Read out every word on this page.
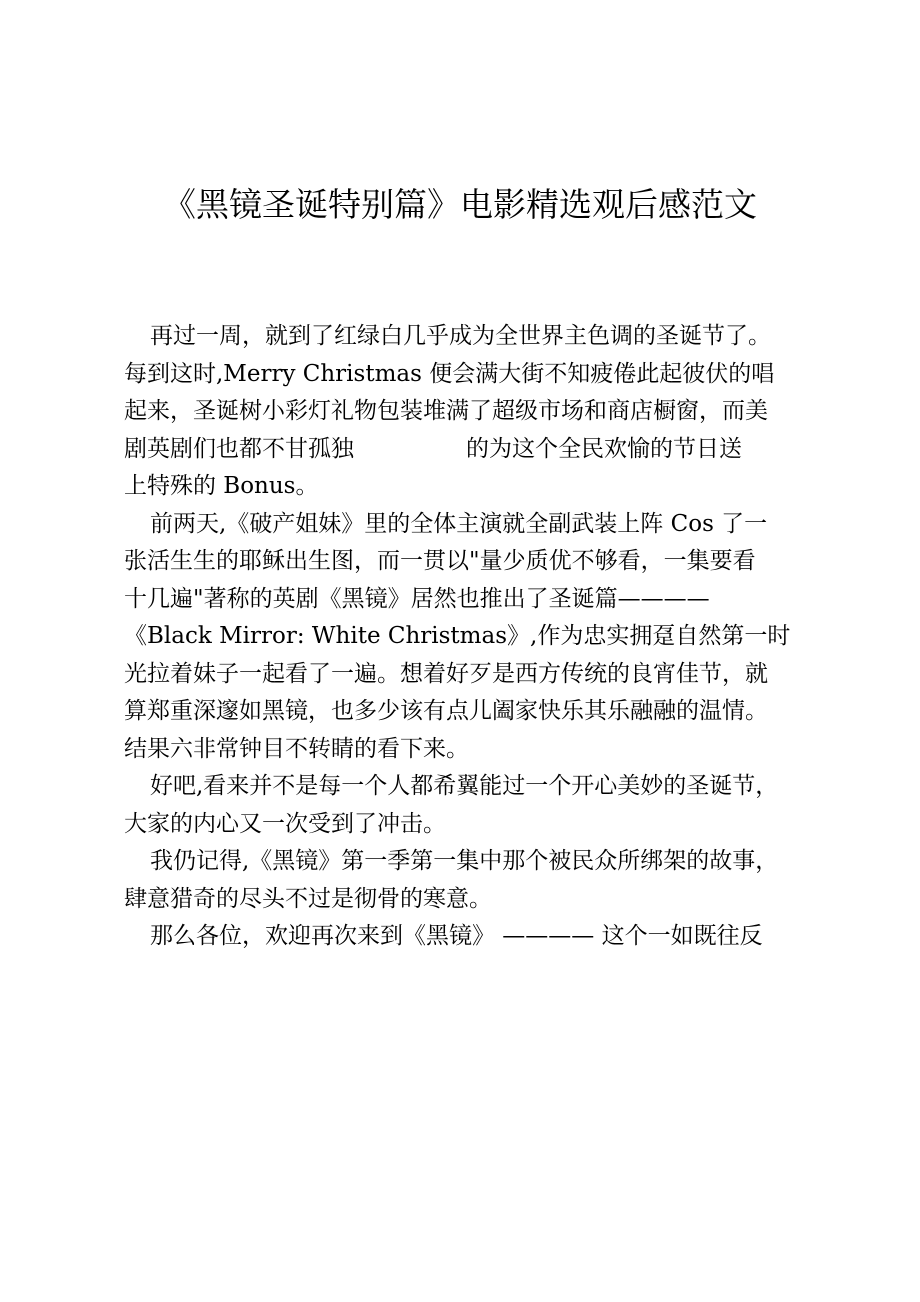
《黑镜圣诞特别篇》电影精选观后感范文
再过一周，就到了红绿白几乎成为全世界主色调的圣诞节了。
每到这时,Merry Christmas 便会满大街不知疲倦此起彼伏的唱
起来，圣诞树小彩灯礼物包装堆满了超级市场和商店橱窗，而美
剧英剧们也都不甘孤独	的为这个全民欢愉的节日送
上特殊的 Bonus。
前两天,《破产姐妹》里的全体主演就全副武装上阵 Cos 了一
张活生生的耶稣出生图，而一贯以"量少质优不够看，一集要看
十几遍"著称的英剧《黑镜》居然也推出了圣诞篇————
《Black Mirror: White Christmas》,作为忠实拥趸自然第一时
光拉着妹子一起看了一遍。想着好歹是西方传统的良宵佳节，就
算郑重深邃如黑镜，也多少该有点儿阖家快乐其乐融融的温情。
结果六非常钟目不转睛的看下来。
好吧,看来并不是每一个人都希翼能过一个开心美妙的圣诞节，
大家的内心又一次受到了冲击。
我仍记得,《黑镜》第一季第一集中那个被民众所绑架的故事，
肆意猎奇的尽头不过是彻骨的寒意。
那么各位，欢迎再次来到《黑镜》 ———— 这个一如既往反
